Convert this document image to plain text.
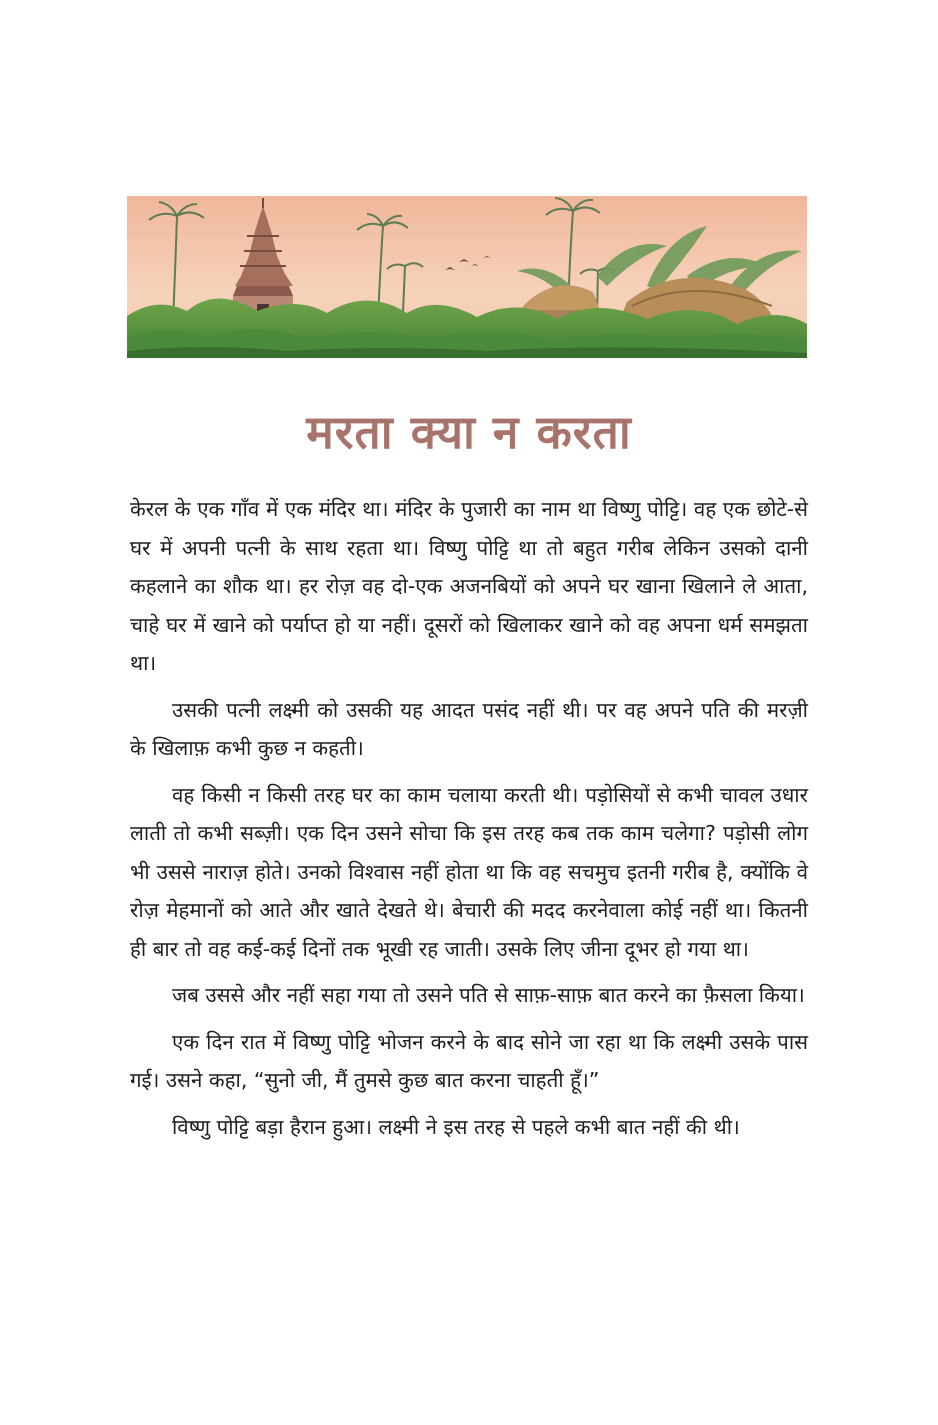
मरता क्या न करता

केरल के एक गाँव में एक मंदिर था। मंदिर के पुजारी का नाम था विष्णु पोट्टि। वह एक छोटे-से घर में अपनी पत्नी के साथ रहता था। विष्णु पोट्टि था तो बहुत गरीब लेकिन उसको दानी कहलाने का शौक था। हर रोज़ वह दो-एक अजनबियों को अपने घर खाना खिलाने ले आता, चाहे घर में खाने को पर्याप्त हो या नहीं। दूसरों को खिलाकर खाने को वह अपना धर्म समझता था।

उसकी पत्नी लक्ष्मी को उसकी यह आदत पसंद नहीं थी। पर वह अपने पति की मरज़ी के खिलाफ़ कभी कुछ न कहती।

वह किसी न किसी तरह घर का काम चलाया करती थी। पड़ोसियों से कभी चावल उधार लाती तो कभी सब्ज़ी। एक दिन उसने सोचा कि इस तरह कब तक काम चलेगा? पड़ोसी लोग भी उससे नाराज़ होते। उनको विश्वास नहीं होता था कि वह सचमुच इतनी गरीब है, क्योंकि वे रोज़ मेहमानों को आते और खाते देखते थे। बेचारी की मदद करनेवाला कोई नहीं था। कितनी ही बार तो वह कई-कई दिनों तक भूखी रह जाती। उसके लिए जीना दूभर हो गया था।

जब उससे और नहीं सहा गया तो उसने पति से साफ़-साफ़ बात करने का फ़ैसला किया।

एक दिन रात में विष्णु पोट्टि भोजन करने के बाद सोने जा रहा था कि लक्ष्मी उसके पास गई। उसने कहा, “सुनो जी, मैं तुमसे कुछ बात करना चाहती हूँ।”

विष्णु पोट्टि बड़ा हैरान हुआ। लक्ष्मी ने इस तरह से पहले कभी बात नहीं की थी।
